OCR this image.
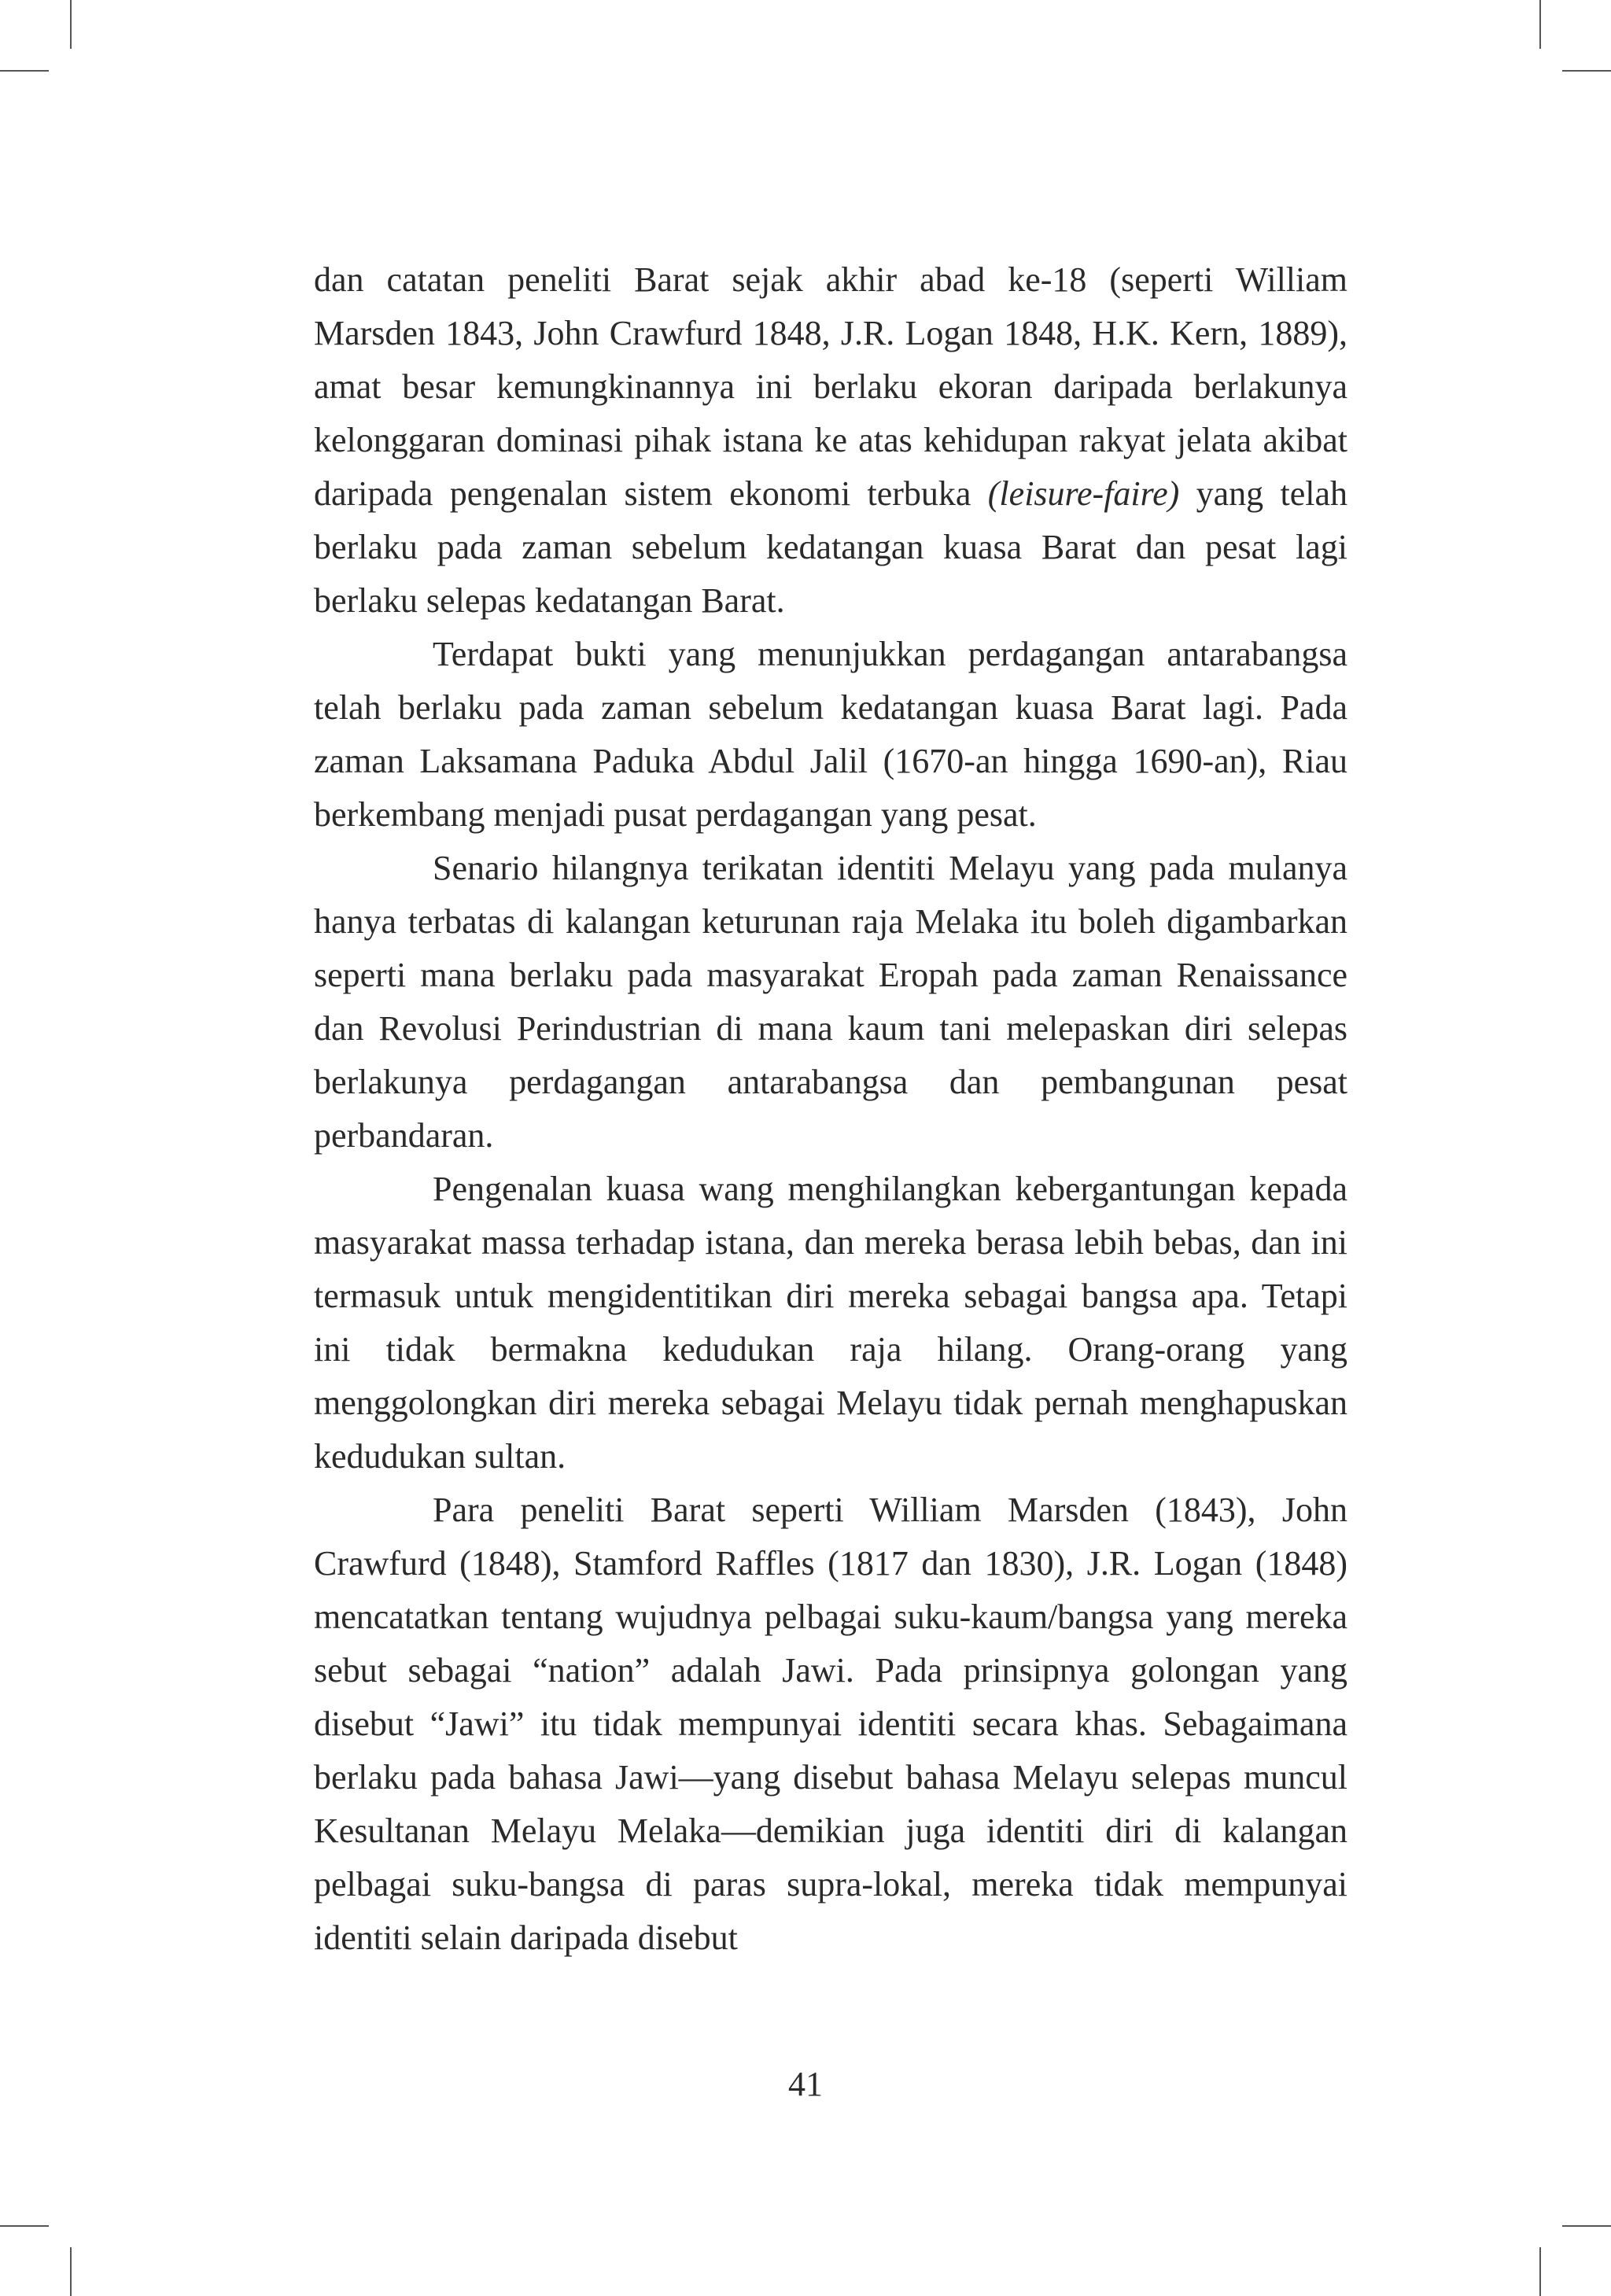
dan catatan peneliti Barat sejak akhir abad ke-18 (seperti William Marsden 1843, John Crawfurd 1848, J.R. Logan 1848, H.K. Kern, 1889), amat besar kemungkinannya ini berlaku ekoran daripada berlakunya kelonggaran dominasi pihak istana ke atas kehidupan rakyat jelata akibat daripada pengenalan sistem ekonomi terbuka (leisure-faire) yang telah berlaku pada zaman sebelum kedatangan kuasa Barat dan pesat lagi berlaku selepas kedatangan Barat.

Terdapat bukti yang menunjukkan perdagangan antarabangsa telah berlaku pada zaman sebelum kedatangan kuasa Barat lagi. Pada zaman Laksamana Paduka Abdul Jalil (1670-an hingga 1690-an), Riau berkembang menjadi pusat perdagangan yang pesat.

Senario hilangnya terikatan identiti Melayu yang pada mulanya hanya terbatas di kalangan keturunan raja Melaka itu boleh digambarkan seperti mana berlaku pada masyarakat Eropah pada zaman Renaissance dan Revolusi Perindustrian di mana kaum tani melepaskan diri selepas berlakunya perdagangan antarabangsa dan pembangunan pesat perbandaran.

Pengenalan kuasa wang menghilangkan kebergantungan kepada masyarakat massa terhadap istana, dan mereka berasa lebih bebas, dan ini termasuk untuk mengidentitikan diri mereka sebagai bangsa apa. Tetapi ini tidak bermakna kedudukan raja hilang. Orang-orang yang menggolongkan diri mereka sebagai Melayu tidak pernah menghapuskan kedudukan sultan.

Para peneliti Barat seperti William Marsden (1843), John Crawfurd (1848), Stamford Raffles (1817 dan 1830), J.R. Logan (1848) mencatatkan tentang wujudnya pelbagai suku-kaum/bangsa yang mereka sebut sebagai “nation” adalah Jawi. Pada prinsipnya golongan yang disebut “Jawi” itu tidak mempunyai identiti secara khas. Sebagaimana berlaku pada bahasa Jawi—yang disebut bahasa Melayu selepas muncul Kesultanan Melayu Melaka—demikian juga identiti diri di kalangan pelbagai suku-bangsa di paras supra-lokal, mereka tidak mempunyai identiti selain daripada disebut

41
